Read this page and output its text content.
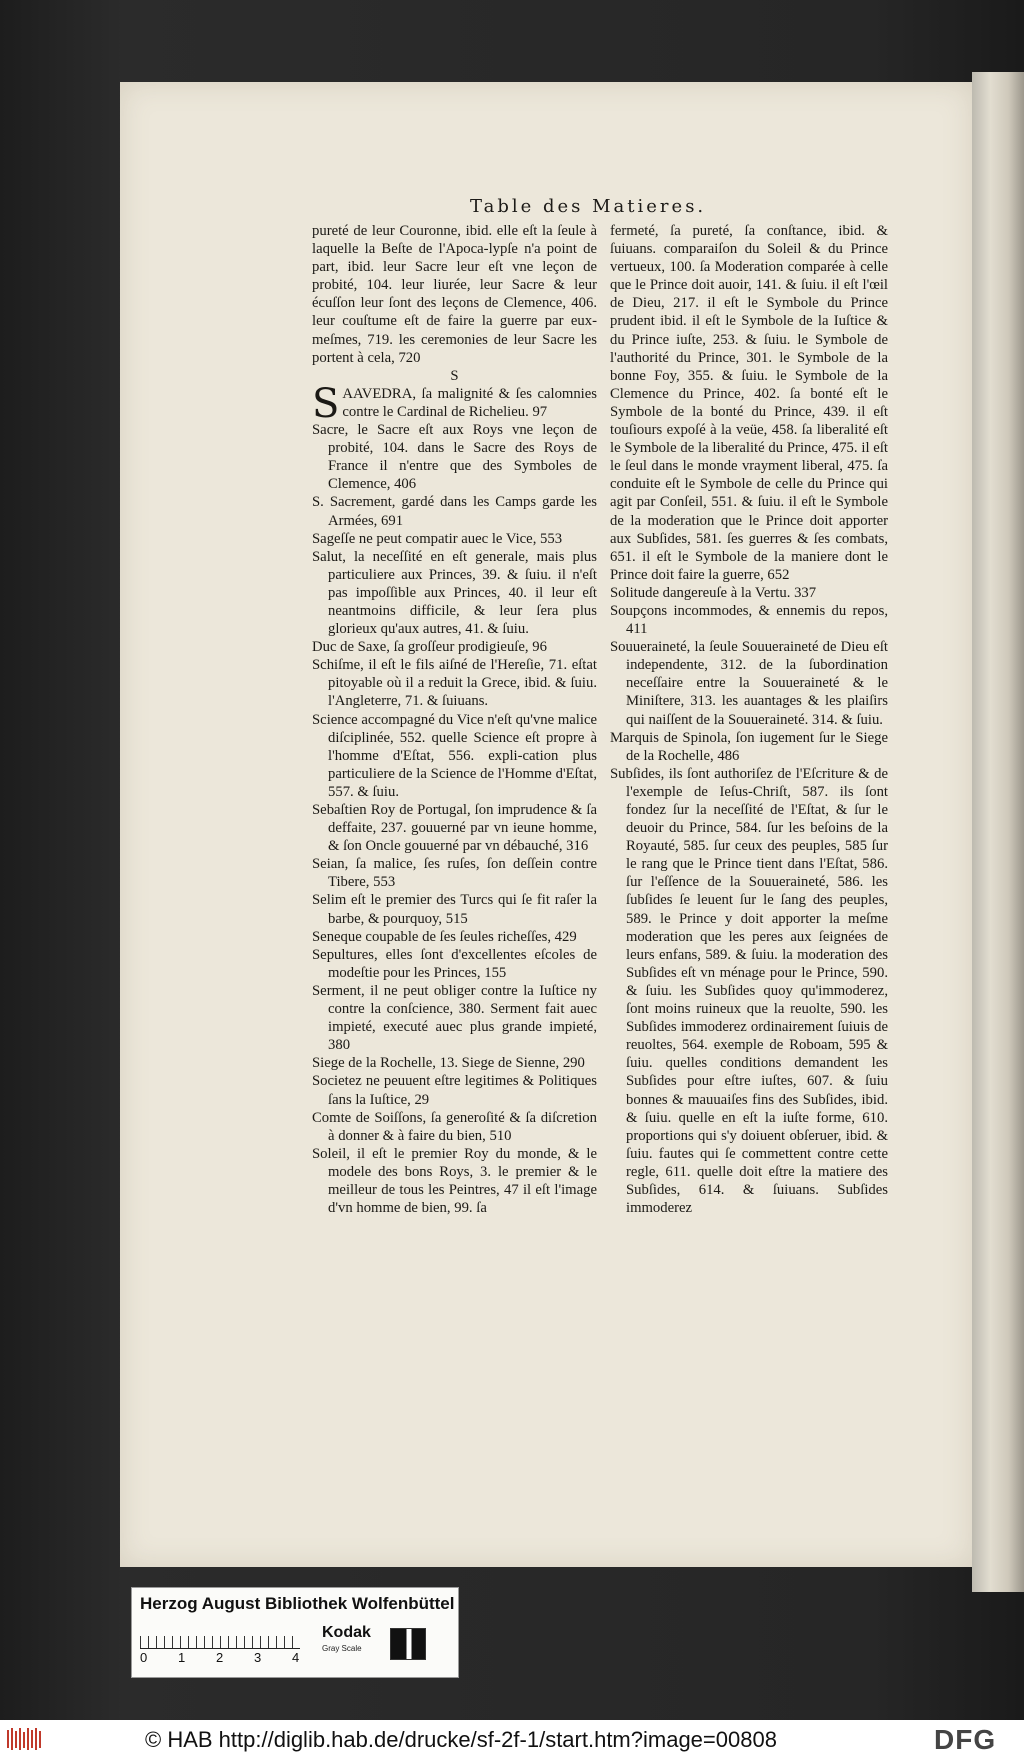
Table des Matieres.

pureté de leur Couronne, ibid. elle eſt la ſeule à laquelle la Beſte de l'Apoca-lypſe n'a point de part, ibid. leur Sacre leur eſt vne leçon de probité, 104. leur liurée, leur Sacre & leur écuſſon leur ſont des leçons de Clemence, 406. leur couſtume eſt de faire la guerre par eux-meſmes, 719. les ceremonies de leur Sacre les portent à cela, 720

S

SAAVEDRA, ſa malignité & ſes calomnies contre le Cardinal de Richelieu. 97

Sacre, le Sacre eſt aux Roys vne leçon de probité, 104. dans le Sacre des Roys de France il n'entre que des Symboles de Clemence, 406

S. Sacrement, gardé dans les Camps garde les Armées, 691

Sageſſe ne peut compatir auec le Vice, 553

Salut, la neceſſité en eſt generale, mais plus particuliere aux Princes, 39. & ſuiu. il n'eſt pas impoſſible aux Princes, 40. il leur eſt neantmoins difficile, & leur ſera plus glorieux qu'aux autres, 41. & ſuiu.

Duc de Saxe, ſa groſſeur prodigieuſe, 96

Schiſme, il eſt le fils aiſné de l'Hereſie, 71. eſtat pitoyable où il a reduit la Grece, ibid. & ſuiu. l'Angleterre, 71. & ſuiuans.

Science accompagné du Vice n'eſt qu'vne malice diſciplinée, 552. quelle Science eſt propre à l'homme d'Eſtat, 556. expli-cation plus particuliere de la Science de l'Homme d'Eſtat, 557. & ſuiu.

Sebaſtien Roy de Portugal, ſon imprudence & ſa deffaite, 237. gouuerné par vn ieune homme, & ſon Oncle gouuerné par vn débauché, 316

Seian, ſa malice, ſes ruſes, ſon deſſein contre Tibere, 553

Selim eſt le premier des Turcs qui ſe fit raſer la barbe, & pourquoy, 515

Seneque coupable de ſes ſeules richeſſes, 429

Sepultures, elles ſont d'excellentes eſcoles de modeſtie pour les Princes, 155

Serment, il ne peut obliger contre la Iuſtice ny contre la conſcience, 380. Serment fait auec impieté, executé auec plus grande impieté, 380

Siege de la Rochelle, 13. Siege de Sienne, 290

Societez ne peuuent eſtre legitimes & Politiques ſans la Iuſtice, 29

Comte de Soiſſons, ſa generoſité & ſa diſcretion à donner & à faire du bien, 510

Soleil, il eſt le premier Roy du monde, & le modele des bons Roys, 3. le premier & le meilleur de tous les Peintres, 47 il eſt l'image d'vn homme de bien, 99. ſa

fermeté, ſa pureté, ſa conſtance, ibid. & ſuiuans. comparaiſon du Soleil & du Prince vertueux, 100. ſa Moderation comparée à celle que le Prince doit auoir, 141. & ſuiu. il eſt l'œil de Dieu, 217. il eſt le Symbole du Prince prudent ibid. il eſt le Symbole de la Iuſtice & du Prince iuſte, 253. & ſuiu. le Symbole de l'authorité du Prince, 301. le Symbole de la bonne Foy, 355. & ſuiu. le Symbole de la Clemence du Prince, 402. ſa bonté eſt le Symbole de la bonté du Prince, 439. il eſt touſiours expoſé à la veüe, 458. ſa liberalité eſt le Symbole de la liberalité du Prince, 475. il eſt le ſeul dans le monde vrayment liberal, 475. ſa conduite eſt le Symbole de celle du Prince qui agit par Conſeil, 551. & ſuiu. il eſt le Symbole de la moderation que le Prince doit apporter aux Subſides, 581. ſes guerres & ſes combats, 651. il eſt le Symbole de la maniere dont le Prince doit faire la guerre, 652

Solitude dangereuſe à la Vertu. 337

Soupçons incommodes, & ennemis du repos, 411

Souueraineté, la ſeule Souueraineté de Dieu eſt independente, 312. de la ſubordination neceſſaire entre la Souueraineté & le Miniſtere, 313. les auantages & les plaiſirs qui naiſſent de la Souueraineté. 314. & ſuiu.

Marquis de Spinola, ſon iugement ſur le Siege de la Rochelle, 486

Subſides, ils ſont authoriſez de l'Eſcriture & de l'exemple de Ieſus-Chriſt, 587. ils ſont fondez ſur la neceſſité de l'Eſtat, & ſur le deuoir du Prince, 584. ſur les beſoins de la Royauté, 585. ſur ceux des peuples, 585 ſur le rang que le Prince tient dans l'Eſtat, 586. ſur l'eſſence de la Souueraineté, 586. les ſubſides ſe leuent ſur le ſang des peuples, 589. le Prince y doit apporter la meſme moderation que les peres aux ſeignées de leurs enfans, 589. & ſuiu. la moderation des Subſides eſt vn ménage pour le Prince, 590. & ſuiu. les Subſides quoy qu'immoderez, ſont moins ruineux que la reuolte, 590. les Subſides immoderez ordinairement ſuiuis de reuoltes, 564. exemple de Roboam, 595 & ſuiu. quelles conditions demandent les Subſides pour eſtre iuſtes, 607. & ſuiu bonnes & mauuaiſes fins des Subſides, ibid. & ſuiu. quelle en eſt la iuſte forme, 610. proportions qui s'y doiuent obſeruer, ibid. & ſuiu. fautes qui ſe commettent contre cette regle, 611. quelle doit eſtre la matiere des Subſides, 614. & ſuiuans. Subſides immoderez

Herzog August Bibliothek Wolfenbüttel
0 1 2 3 4
Kodak
Gray Scale
© HAB http://diglib.hab.de/drucke/sf-2f-1/start.htm?image=00808	DFG
